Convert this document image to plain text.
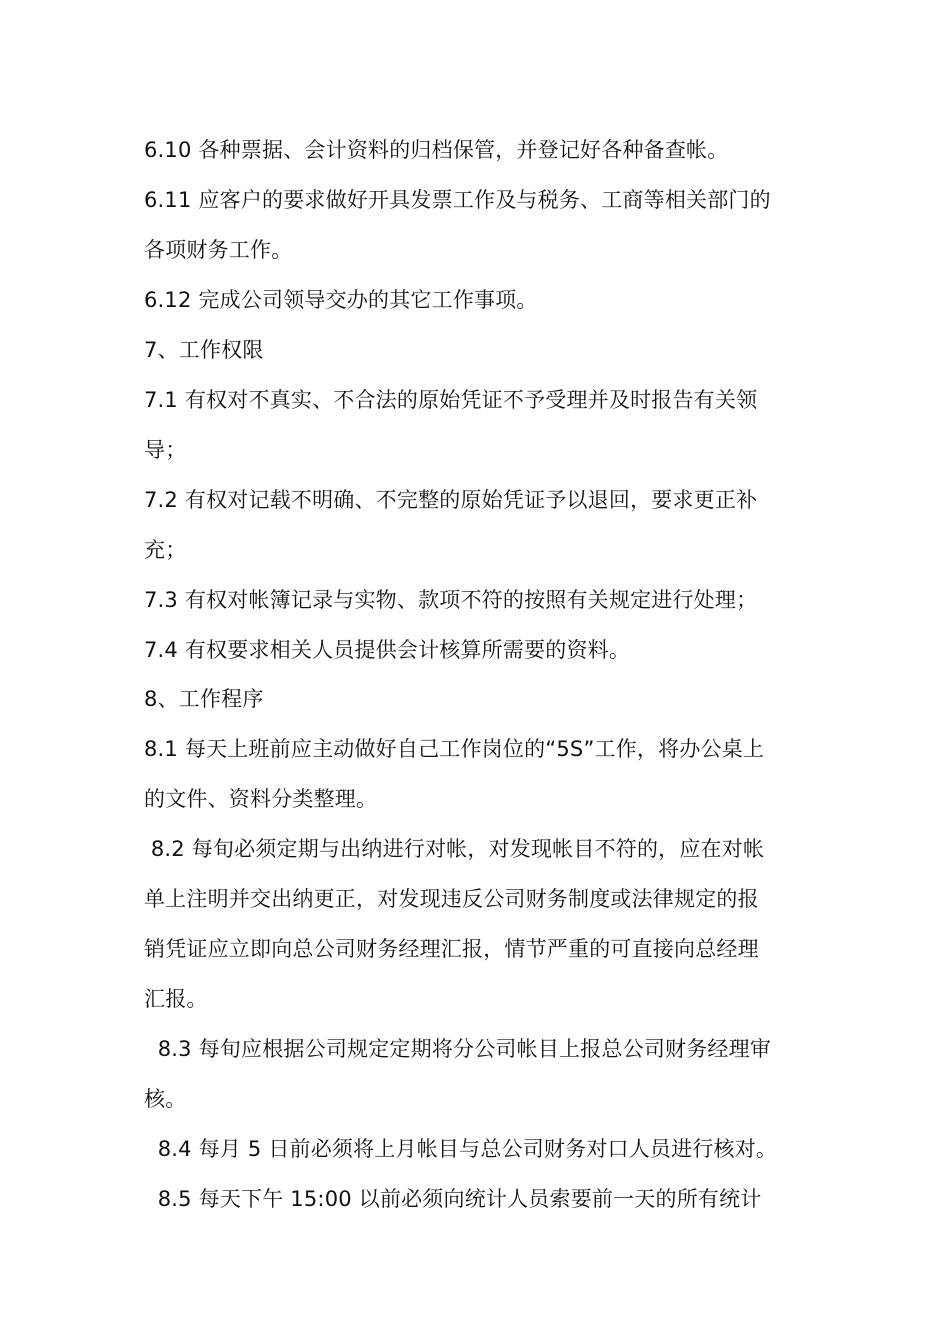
6.10 各种票据、会计资料的归档保管，并登记好各种备查帐。
6.11 应客户的要求做好开具发票工作及与税务、工商等相关部门的
各项财务工作。
6.12 完成公司领导交办的其它工作事项。
7、工作权限
7.1 有权对不真实、不合法的原始凭证不予受理并及时报告有关领
导；
7.2 有权对记载不明确、不完整的原始凭证予以退回，要求更正补
充；
7.3 有权对帐簿记录与实物、款项不符的按照有关规定进行处理；
7.4 有权要求相关人员提供会计核算所需要的资料。
8、工作程序
8.1 每天上班前应主动做好自己工作岗位的“5S”工作，将办公桌上
的文件、资料分类整理。
8.2 每旬必须定期与出纳进行对帐，对发现帐目不符的，应在对帐
单上注明并交出纳更正，对发现违反公司财务制度或法律规定的报
销凭证应立即向总公司财务经理汇报，情节严重的可直接向总经理
汇报。
8.3 每旬应根据公司规定定期将分公司帐目上报总公司财务经理审
核。
8.4 每月 5 日前必须将上月帐目与总公司财务对口人员进行核对。
8.5 每天下午 15:00 以前必须向统计人员索要前一天的所有统计
